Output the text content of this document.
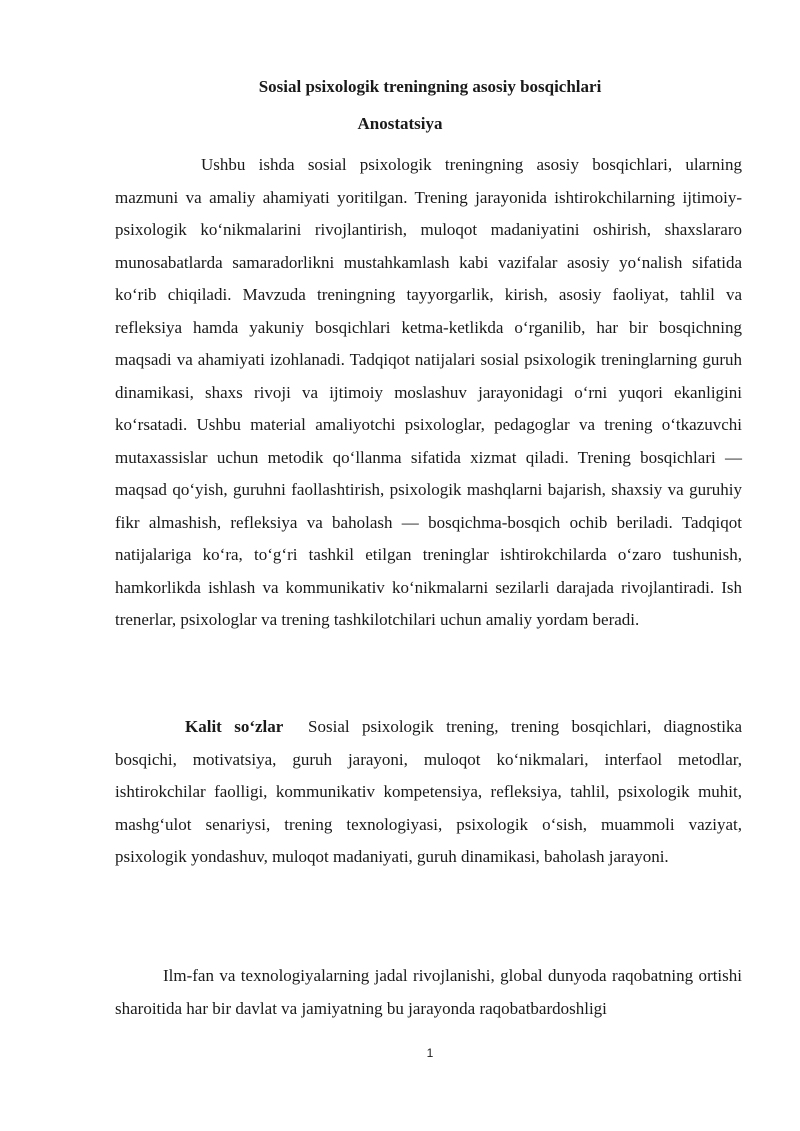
Sosial psixologik treningning asosiy bosqichlari
Anostatsiya

Ushbu ishda sosial psixologik treningning asosiy bosqichlari, ularning mazmuni va amaliy ahamiyati yoritilgan. Trening jarayonida ishtirokchilarning ijtimoiy-psixologik ko‘nikmalarini rivojlantirish, muloqot madaniyatini oshirish, shaxslararo munosabatlarda samaradorlikni mustahkamlash kabi vazifalar asosiy yo‘nalish sifatida ko‘rib chiqiladi. Mavzuda treningning tayyorgarlik, kirish, asosiy faoliyat, tahlil va refleksiya hamda yakuniy bosqichlari ketma-ketlikda o‘rganilib, har bir bosqichning maqsadi va ahamiyati izohlanadi. Tadqiqot natijalari sosial psixologik treninglarning guruh dinamikasi, shaxs rivoji va ijtimoiy moslashuv jarayonidagi o‘rni yuqori ekanligini ko‘rsatadi. Ushbu material amaliyotchi psixologlar, pedagoglar va trening o‘tkazuvchi mutaxassislar uchun metodik qo‘llanma sifatida xizmat qiladi. Trening bosqichlari — maqsad qo‘yish, guruhni faollashtirish, psixologik mashqlarni bajarish, shaxsiy va guruhiy fikr almashish, refleksiya va baholash — bosqichma-bosqich ochib beriladi. Tadqiqot natijalariga ko‘ra, to‘g‘ri tashkil etilgan treninglar ishtirokchilarda o‘zaro tushunish, hamkorlikda ishlash va kommunikativ ko‘nikmalarni sezilarli darajada rivojlantiradi. Ish trenerlar, psixologlar va trening tashkilotchilari uchun amaliy yordam beradi.

Kalit so‘zlar Sosial psixologik trening, trening bosqichlari, diagnostika bosqichi, motivatsiya, guruh jarayoni, muloqot ko‘nikmalari, interfaol metodlar, ishtirokchilar faolligi, kommunikativ kompetensiya, refleksiya, tahlil, psixologik muhit, mashg‘ulot senariysi, trening texnologiyasi, psixologik o‘sish, muammoli vaziyat, psixologik yondashuv, muloqot madaniyati, guruh dinamikasi, baholash jarayoni.

Ilm-fan va texnologiyalarning jadal rivojlanishi, global dunyoda raqobatning ortishi sharoitida har bir davlat va jamiyatning bu jarayonda raqobatbardoshligi

1
